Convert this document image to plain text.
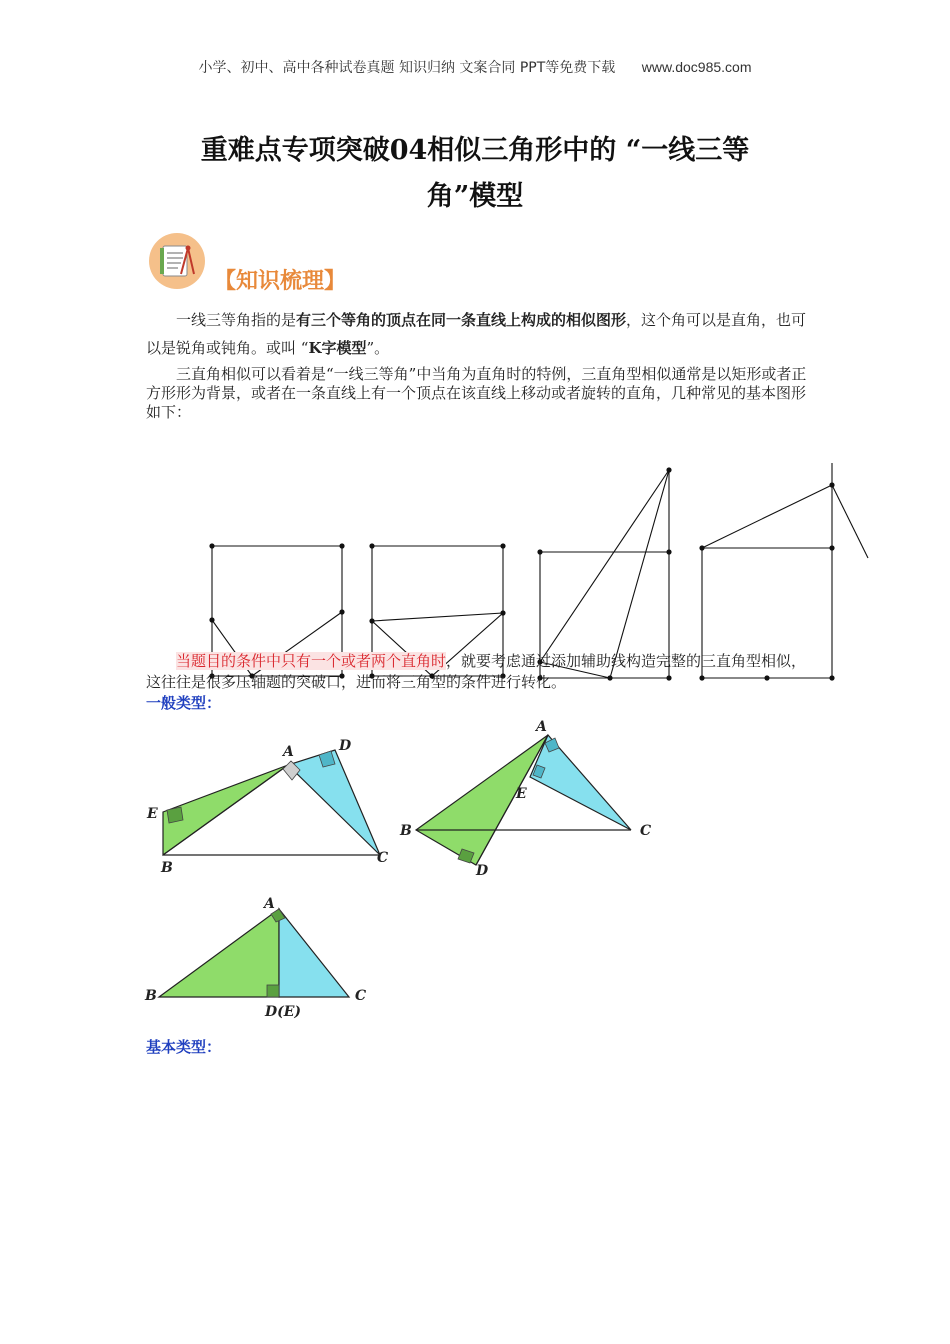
小学、初中、高中各种试卷真题 知识归纳 文案合同 PPT等免费下载 www.doc985.com
重难点专项突破04相似三角形中的 “一线三等
角”模型
【知识梳理】
一线三等角指的是有三个等角的顶点在同一条直线上构成的相似图形，这个角可以是直角，也可以是锐角或钝角。或叫 “K字模型”。
三直角相似可以看着是“一线三等角”中当角为直角时的特例，三直角型相似通常是以矩形或者正方形形为背景，或者在一条直线上有一个顶点在该直线上移动或者旋转的直角，几种常见的基本图形如下：
当题目的条件中只有一个或者两个直角时，就要考虑通过添加辅助线构造完整的三直角型相似，这往往是很多压轴题的突破口，进而将三角型的条件进行转化。
一般类型：
A	D
E
B
C
A
E
B	C
D
A
B	C
D(E)
基本类型：
